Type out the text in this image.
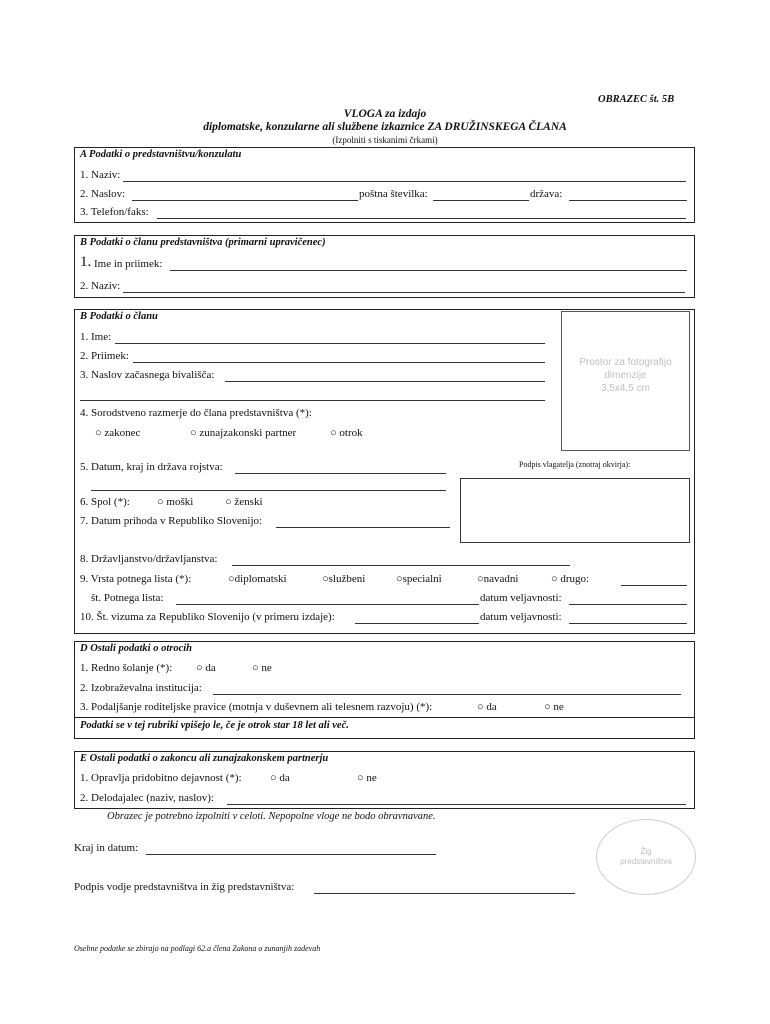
OBRAZEC št. 5B
VLOGA za izdajo
diplomatske, konzularne ali službene izkaznice ZA DRUŽINSKEGA ČLANA
(Izpolniti s tiskanimi črkami)
A Podatki o predstavništvu/konzulatu
1. Naziv:
2. Naslov:	poštna številka:	država:
3. Telefon/faks:
B Podatki o članu predstavništva (primarni upravičenec)
1. Ime in priimek:
2. Naziv:
B Podatki o članu
1. Ime:
2. Priimek:
3. Naslov začasnega bivališča:
4. Sorodstveno razmerje do člana predstavništva (*):
○ zakonec	○ zunajzakonski partner	○ otrok
5. Datum, kraj in država rojstva:
6. Spol (*): ○ moški	○ ženski
7. Datum prihoda v Republiko Slovenijo:
Prostor za fotografijo
dimenzije
3,5x4,5 cm
Podpis vlagatelja (znotraj okvirja):
8. Državljanstvo/državljanstva:
9. Vrsta potnega lista (*):	○diplomatski	○službeni	○specialni	○navadni	○ drugo:
št. Potnega lista:	datum veljavnosti:
10. Št. vizuma za Republiko Slovenijo (v primeru izdaje):	datum veljavnosti:
D Ostali podatki o otrocih
1. Redno šolanje (*): ○ da	○ ne
2. Izobraževalna institucija:
3. Podaljšanje roditeljske pravice (motnja v duševnem ali telesnem razvoju) (*):	○ da	○ ne
Podatki se v tej rubriki vpišejo le, če je otrok star 18 let ali več.
E Ostali podatki o zakoncu ali zunajzakonskem partnerju
1. Opravlja pridobitno dejavnost (*):	○ da	○ ne
2. Delodajalec (naziv, naslov):
Obrazec je potrebno izpolniti v celoti. Nepopolne vloge ne bodo obravnavane.
Kraj in datum:	Žig
predstavništva
Podpis vodje predstavništva in žig predstavništva:
Osebne podatke se zbirajo na podlagi 62.a člena Zakona o zunanjih zadevah
